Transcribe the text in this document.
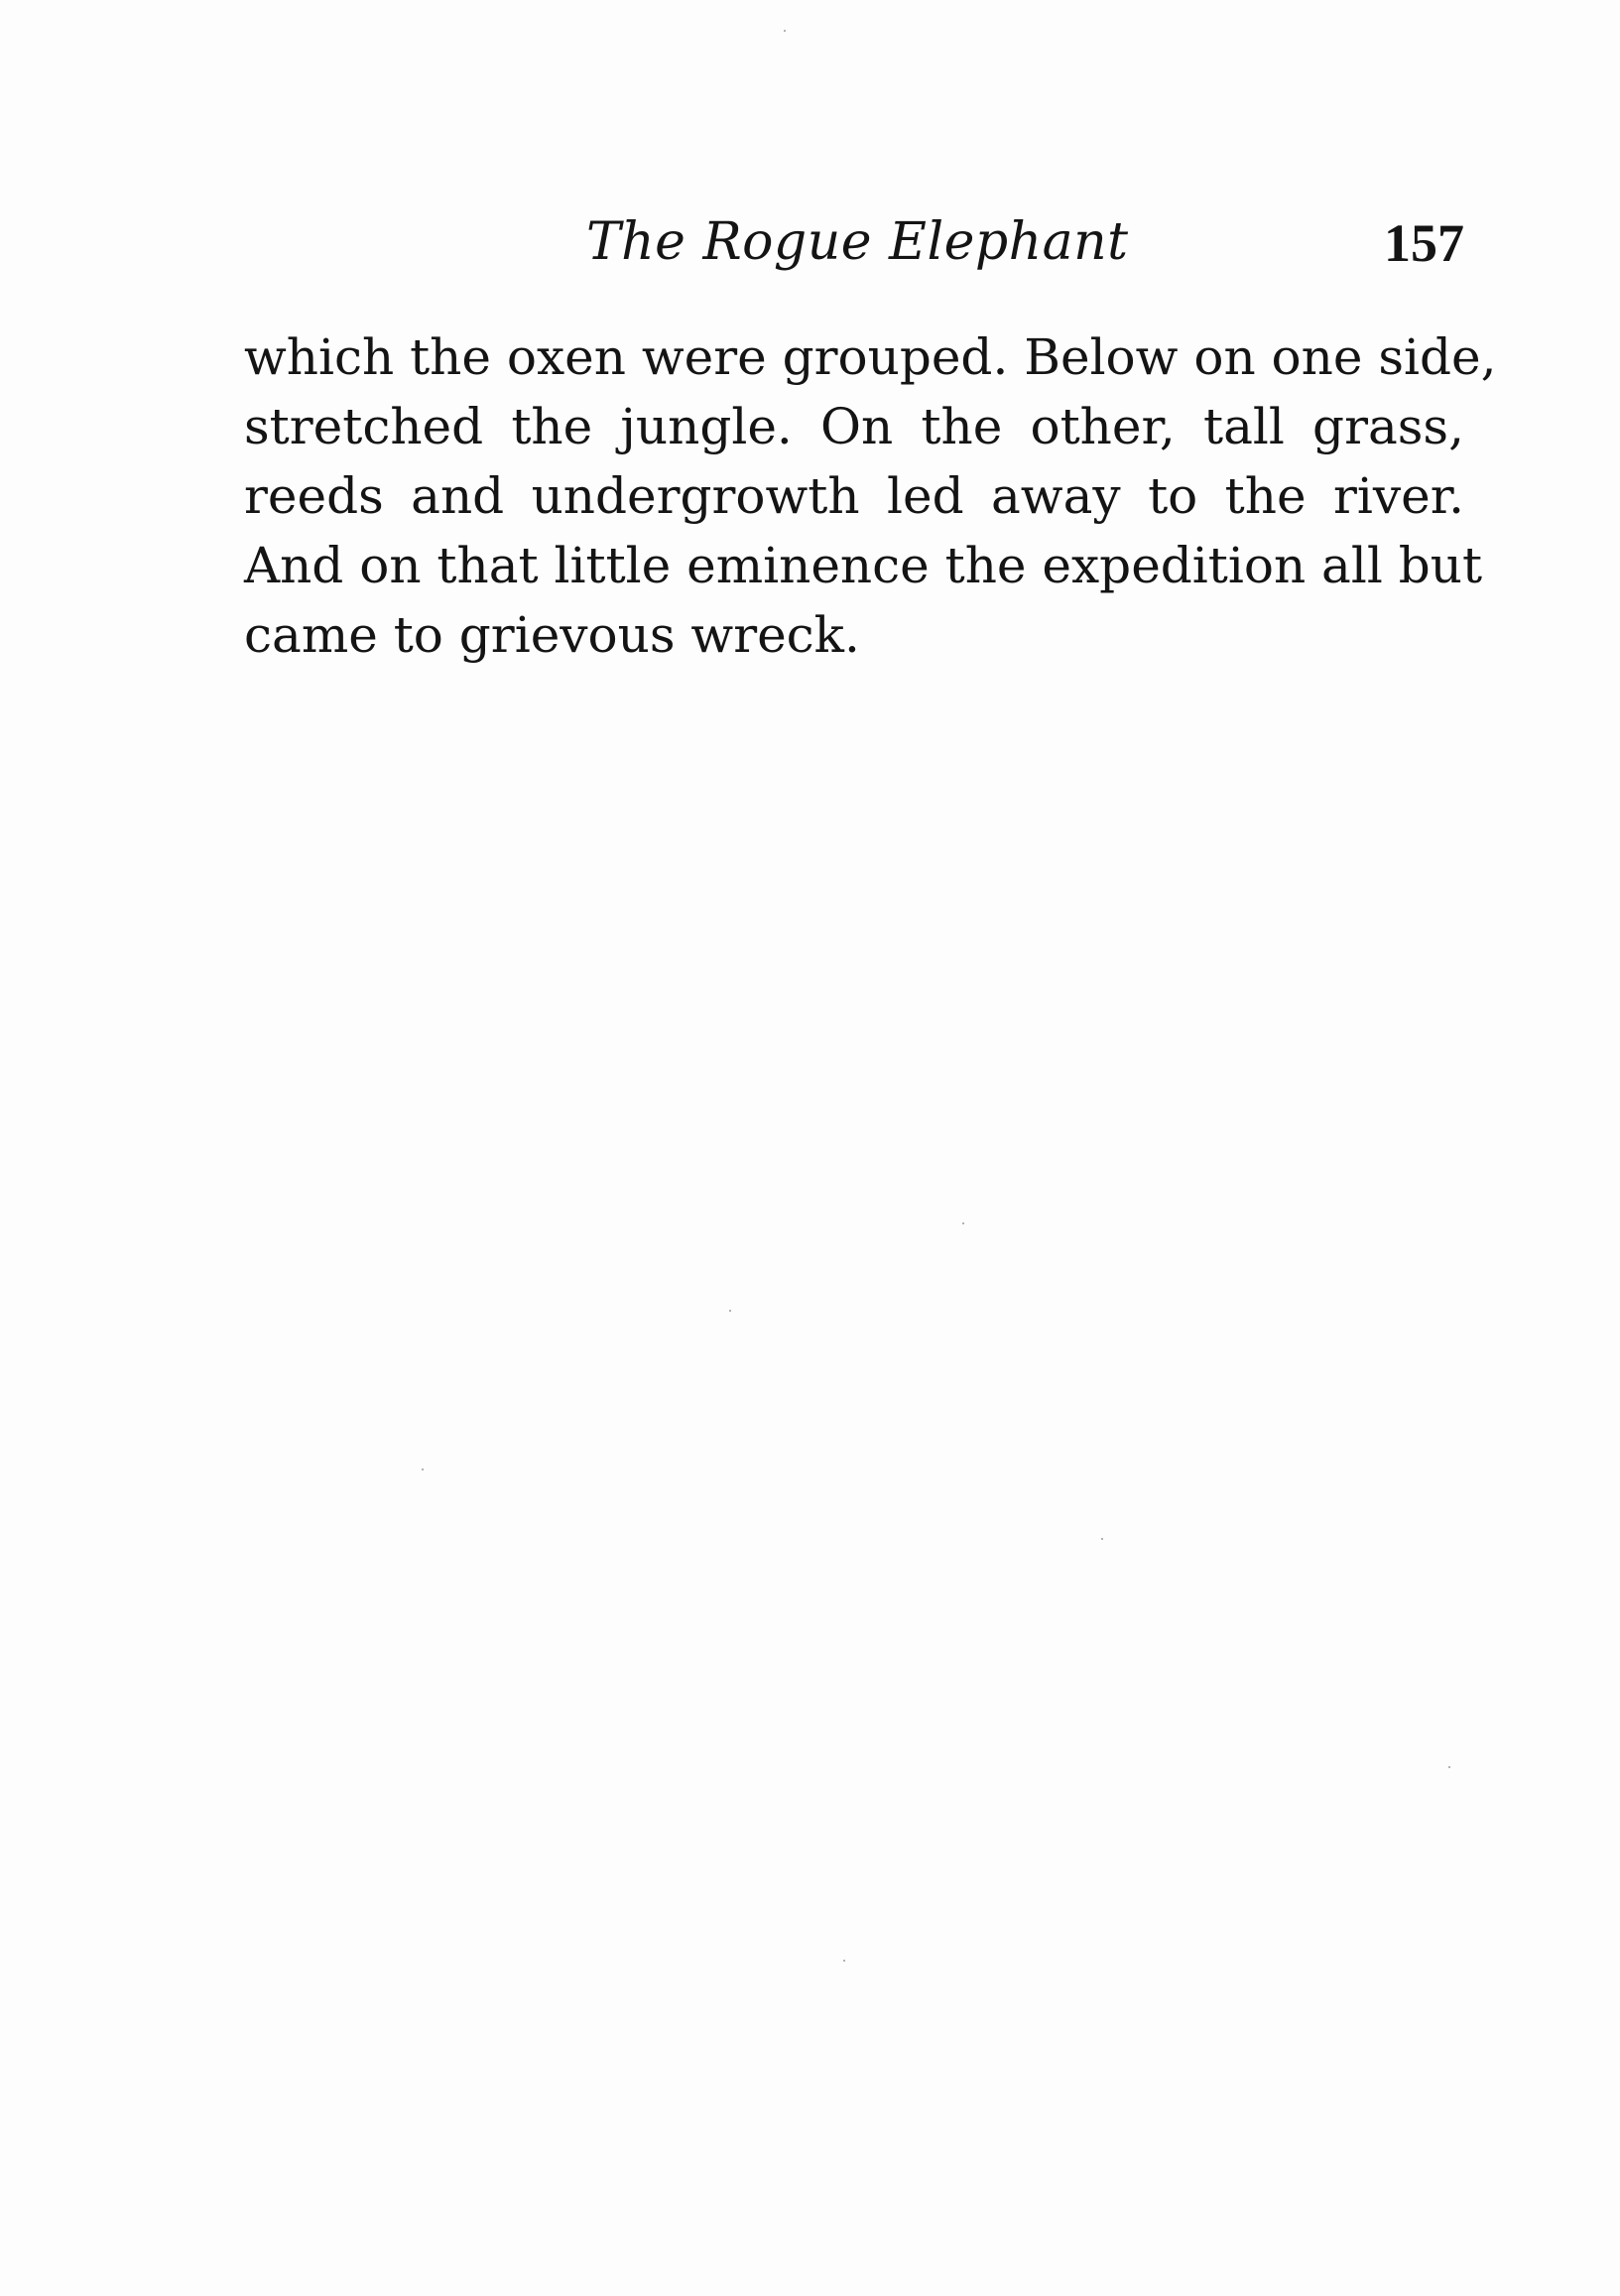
The Rogue Elephant	157
which the oxen were grouped. Below on one side,
stretched the jungle. On the other, tall grass,
reeds and undergrowth led away to the river.
And on that little eminence the expedition all but
came to grievous wreck.
